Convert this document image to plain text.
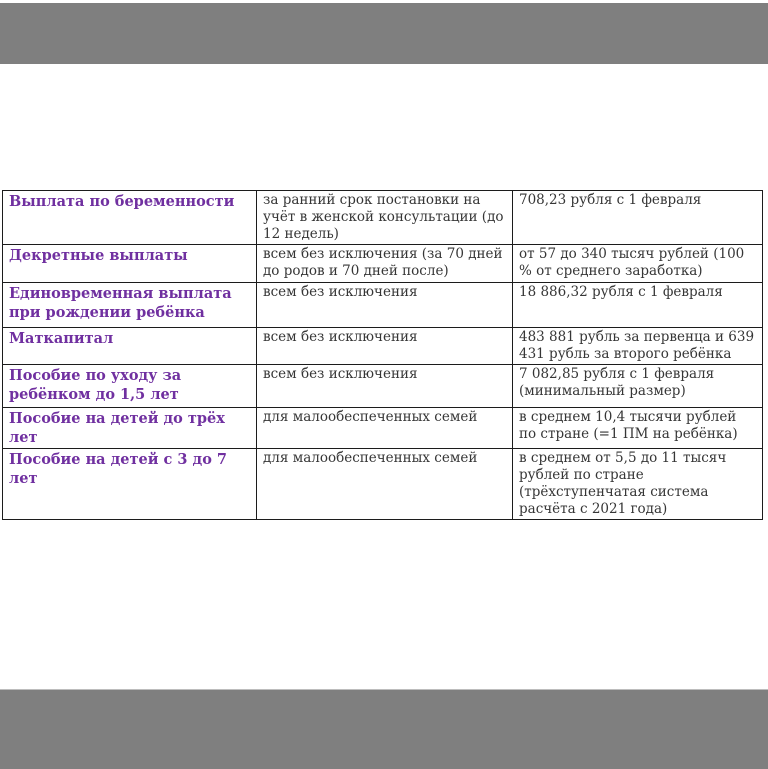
Выплата по беременности	за ранний срок постановки на учёт в женской консультации (до 12 недель)	708,23 рубля с 1 февраля
Декретные выплаты	всем без исключения (за 70 дней до родов и 70 дней после)	от 57 до 340 тысяч рублей (100 % от среднего заработка)
Единовременная выплата при рождении ребёнка	всем без исключения	18 886,32 рубля с 1 февраля
Маткапитал	всем без исключения	483 881 рубль за первенца и 639 431 рубль за второго ребёнка
Пособие по уходу за ребёнком до 1,5 лет	всем без исключения	7 082,85 рубля с 1 февраля (минимальный размер)
Пособие на детей до трёх лет	для малообеспеченных семей	в среднем 10,4 тысячи рублей по стране (=1 ПМ на ребёнка)
Пособие на детей с 3 до 7 лет	для малообеспеченных семей	в среднем от 5,5 до 11 тысяч рублей по стране (трёхступенчатая система расчёта с 2021 года)
